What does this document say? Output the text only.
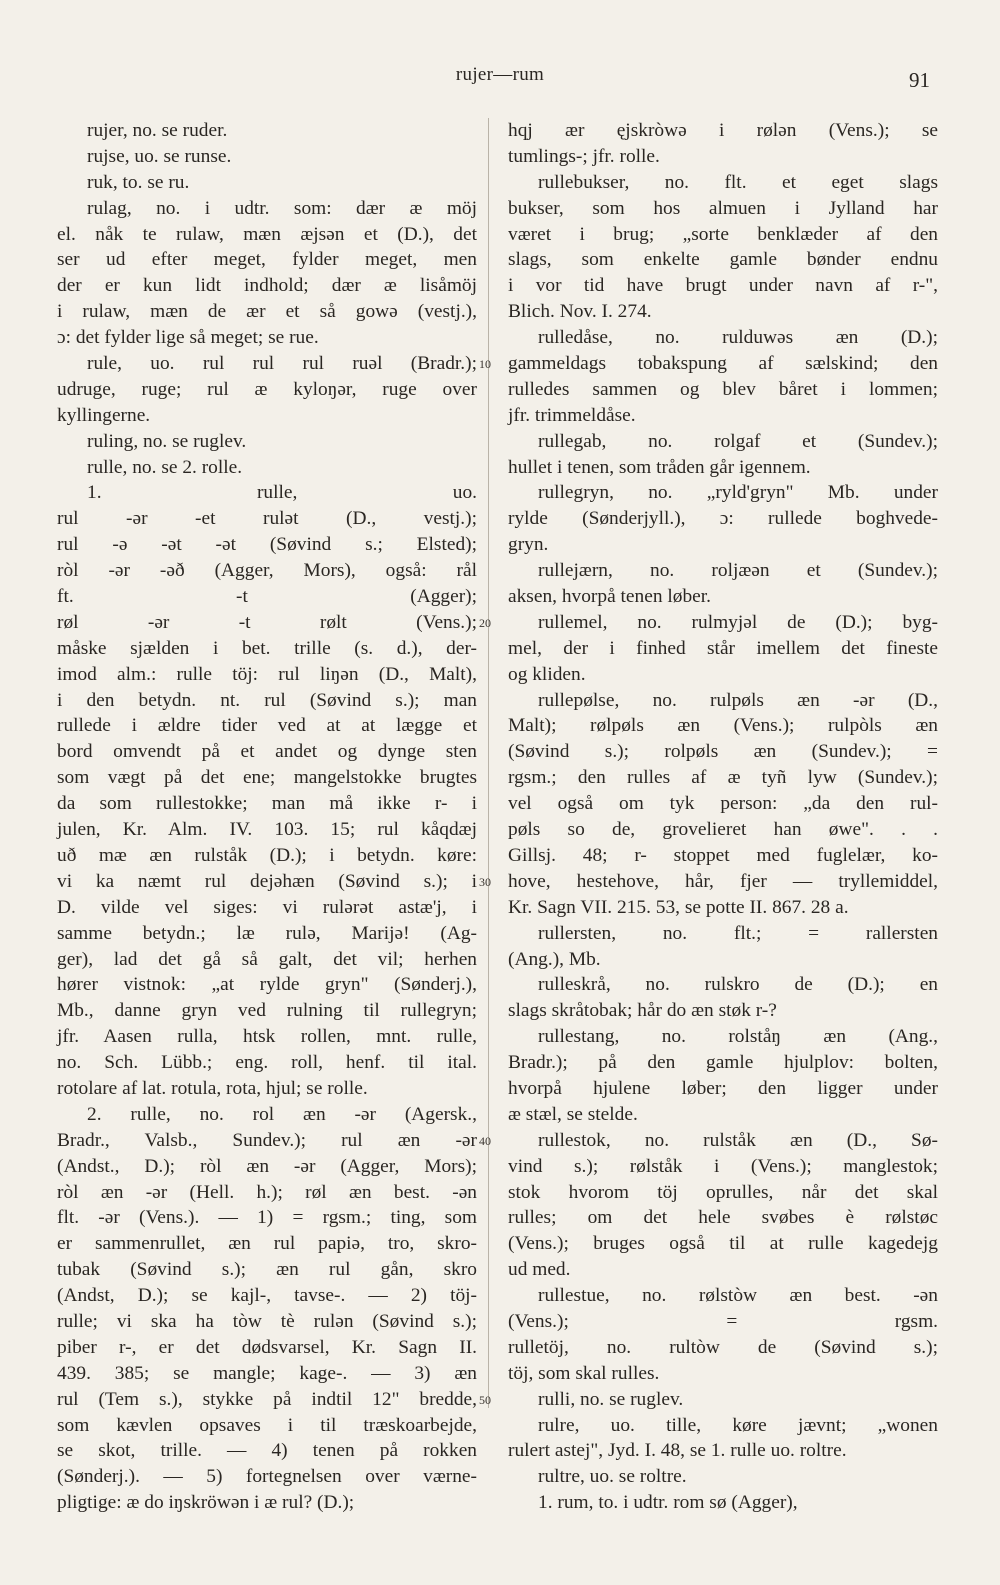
rujer—rum	91
rujer, no. se ruder.
rujse, uo. se runse.
ruk, to. se ru.
rulag, no. i udtr. som: dær æ möj
el. nåk te rulaw, mæn æjsən et (D.), det
ser ud efter meget, fylder meget, men
der er kun lidt indhold; dær æ lisåmöj
i rulaw, mæn de ær et så gowə (vestj.),
ɔ: det fylder lige så meget; se rue.
rule, uo. rul rul rul ruəl (Bradr.);
udruge, ruge; rul æ kyloŋər, ruge over
kyllingerne.
ruling, no. se ruglev.
rulle, no. se 2. rolle.
1. rulle, uo.
rul -ər -et rulət (D., vestj.);
rul -ə -ət -ət (Søvind s.; Elsted);
ròl -ər -əð (Agger, Mors), også: rål
ft. -t (Agger);
røl -ər -t rølt (Vens.);
måske sjælden i bet. trille (s. d.), der-
imod alm.: rulle töj: rul liŋən (D., Malt),
i den betydn. nt. rul (Søvind s.); man
rullede i ældre tider ved at at lægge et
bord omvendt på et andet og dynge sten
som vægt på det ene; mangelstokke brugtes
da som rullestokke; man må ikke r- i
julen, Kr. Alm. IV. 103. 15; rul kåqdæj
uð mæ æn rulståk (D.); i betydn. køre:
vi ka næmt rul dejəhæn (Søvind s.); i
D. vilde vel siges: vi rulərət astæ'j, i
samme betydn.; læ rulə, Marijə! (Ag-
ger), lad det gå så galt, det vil; herhen
hører vistnok: „at rylde gryn" (Sønderj.),
Mb., danne gryn ved rulning til rullegryn;
jfr. Aasen rulla, htsk rollen, mnt. rulle,
no. Sch. Lübb.; eng. roll, henf. til ital.
rotolare af lat. rotula, rota, hjul; se rolle.
2. rulle, no. rol æn -ər (Agersk.,
Bradr., Valsb., Sundev.); rul æn -ər
(Andst., D.); ròl æn -ər (Agger, Mors);
ròl æn -ər (Hell. h.); røl æn best. -ən
flt. -ər (Vens.). — 1) = rgsm.; ting, som
er sammenrullet, æn rul papiə, tro, skro-
tubak (Søvind s.); æn rul gån, skro
(Andst, D.); se kajl-, tavse-. — 2) töj-
rulle; vi ska ha tòw tè rulən (Søvind s.);
piber r-, er det dødsvarsel, Kr. Sagn II.
439. 385; se mangle; kage-. — 3) æn
rul (Tem s.), stykke på indtil 12" bredde,
som kævlen opsaves i til træskoarbejde,
se skot, trille. — 4) tenen på rokken
(Sønderj.). — 5) fortegnelsen over værne-
pligtige: æ do iŋskröwən i æ rul? (D.);
10
20
30
40
50
hqj ær ęjskròwə i rølən (Vens.); se
tumlings-; jfr. rolle.
rullebukser, no. flt. et eget slags
bukser, som hos almuen i Jylland har
været i brug; „sorte benklæder af den
slags, som enkelte gamle bønder endnu
i vor tid have brugt under navn af r-",
Blich. Nov. I. 274.
rulledåse, no. rulduwəs æn (D.);
gammeldags tobakspung af sælskind; den
rulledes sammen og blev båret i lommen;
jfr. trimmeldåse.
rullegab, no. rolgaf et (Sundev.);
hullet i tenen, som tråden går igennem.
rullegryn, no. „ryld'gryn" Mb. under
rylde (Sønderjyll.), ɔ: rullede boghvede-
gryn.
rullejærn, no. roljæən et (Sundev.);
aksen, hvorpå tenen løber.
rullemel, no. rulmyjəl de (D.); byg-
mel, der i finhed står imellem det fineste
og kliden.
rullepølse, no. rulpøls æn -ər (D.,
Malt); rølpøls æn (Vens.); rulpòls æn
(Søvind s.); rolpøls æn (Sundev.); =
rgsm.; den rulles af æ tyñ lyw (Sundev.);
vel også om tyk person: „da den rul-
pøls so de, grovelieret han øwe". . .
Gillsj. 48; r- stoppet med fuglelær, ko-
hove, hestehove, hår, fjer — tryllemiddel,
Kr. Sagn VII. 215. 53, se potte II. 867. 28 a.
rullersten, no. flt.; = rallersten
(Ang.), Mb.
rulleskrå, no. rulskro de (D.); en
slags skråtobak; hår do æn støk r-?
rullestang, no. rolståŋ æn (Ang.,
Bradr.); på den gamle hjulplov: bolten,
hvorpå hjulene løber; den ligger under
æ stæl, se stelde.
rullestok, no. rulståk æn (D., Sø-
vind s.); rølståk i (Vens.); manglestok;
stok hvorom töj oprulles, når det skal
rulles; om det hele svøbes è rølstøc
(Vens.); bruges også til at rulle kagedejg
ud med.
rullestue, no. rølstòw æn best. -ən
(Vens.); = rgsm.
rulletöj, no. rultòw de (Søvind s.);
töj, som skal rulles.
rulli, no. se ruglev.
rulre, uo. tille, køre jævnt; „wonen
rulert astej", Jyd. I. 48, se 1. rulle uo. roltre.
rultre, uo. se roltre.
1. rum, to. i udtr. rom sø (Agger),
